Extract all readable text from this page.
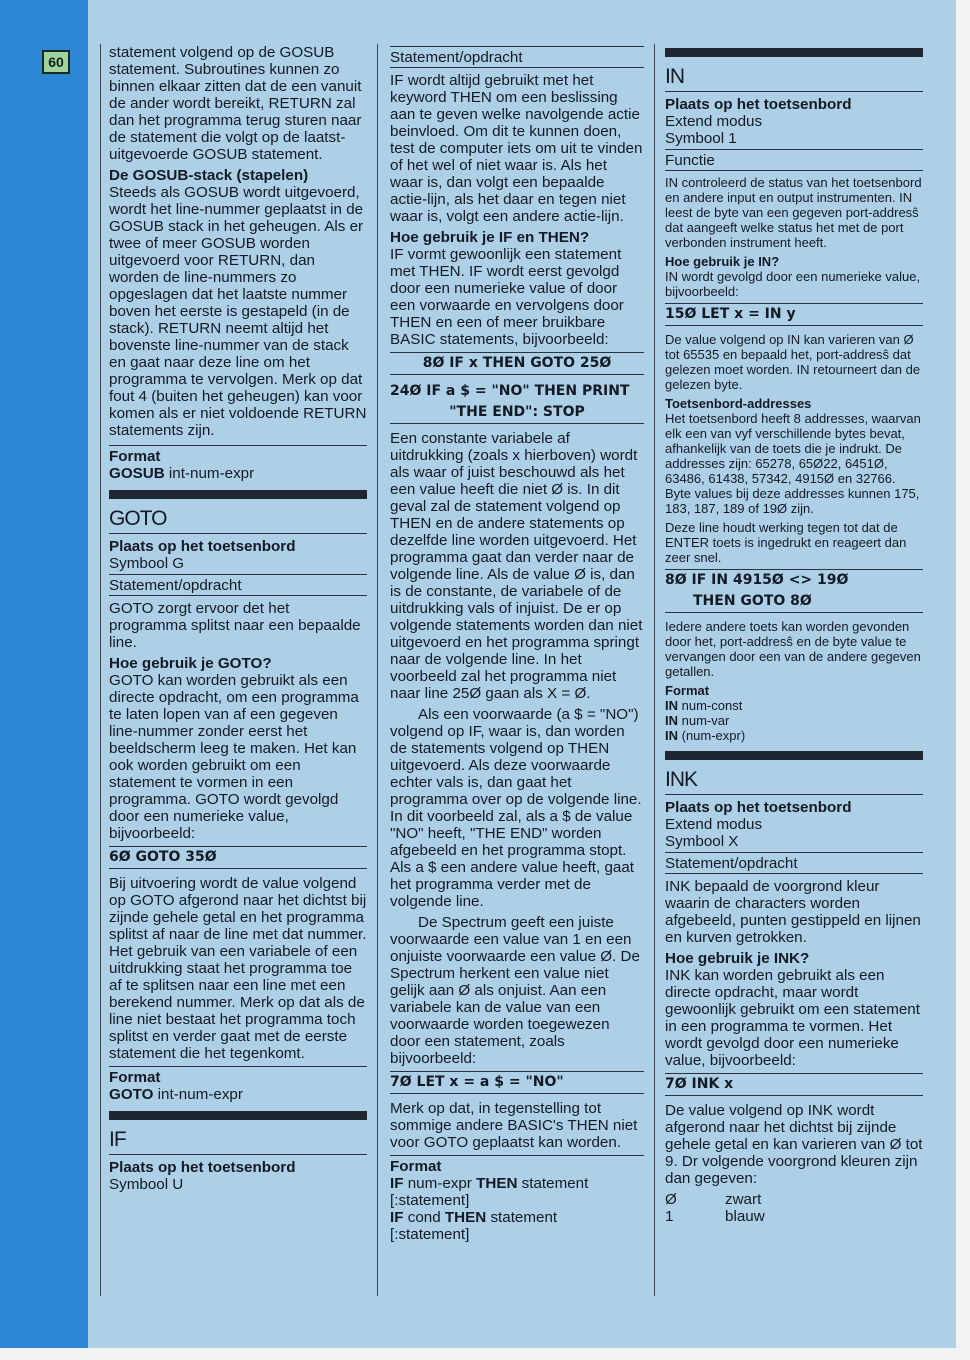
60

statement volgend op de GOSUB statement. Subroutines kunnen zo binnen elkaar zitten dat de een vanuit de ander wordt bereikt, RETURN zal dan het programma terug sturen naar de statement die volgt op de laatst-uitgevoerde GOSUB statement.

De GOSUB-stack (stapelen)

Steeds als GOSUB wordt uitgevoerd, wordt het line-nummer geplaatst in de GOSUB stack in het geheugen. Als er twee of meer GOSUB worden uitgevoerd voor RETURN, dan worden de line-nummers zo opgeslagen dat het laatste nummer boven het eerste is gestapeld (in de stack). RETURN neemt altijd het bovenste line-nummer van de stack en gaat naar deze line om het programma te vervolgen. Merk op dat fout 4 (buiten het geheugen) kan voor komen als er niet voldoende RETURN statements zijn.

Format

GOSUB int-num-expr

GOTO

Plaats op het toetsenbord

Symbool G

Statement/opdracht

GOTO zorgt ervoor det het programma splitst naar een bepaalde line.

Hoe gebruik je GOTO?

GOTO kan worden gebruikt als een directe opdracht, om een programma te laten lopen van af een gegeven line-nummer zonder eerst het beeldscherm leeg te maken. Het kan ook worden gebruikt om een statement te vormen in een programma. GOTO wordt gevolgd door een numerieke value, bijvoorbeeld:

6Ø GOTO 35Ø

Bij uitvoering wordt de value volgend op GOTO afgerond naar het dichtst bij zijnde gehele getal en het programma splitst af naar de line met dat nummer. Het gebruik van een variabele of een uitdrukking staat het programma toe af te splitsen naar een line met een berekend nummer. Merk op dat als de line niet bestaat het programma toch splitst en verder gaat met de eerste statement die het tegenkomt.

Format

GOTO int-num-expr

IF

Plaats op het toetsenbord

Symbool U

Statement/opdracht

IF wordt altijd gebruikt met het keyword THEN om een beslissing aan te geven welke navolgende actie beinvloed. Om dit te kunnen doen, test de computer iets om uit te vinden of het wel of niet waar is. Als het waar is, dan volgt een bepaalde actie-lijn, als het daar en tegen niet waar is, volgt een andere actie-lijn.

Hoe gebruik je IF en THEN?

IF vormt gewoonlijk een statement met THEN. IF wordt eerst gevolgd door een numerieke value of door een vorwaarde en vervolgens door THEN en een of meer bruikbare BASIC statements, bijvoorbeeld:

8Ø IF x THEN GOTO 25Ø
24Ø IF a $ = "NO" THEN PRINT
"THE END": STOP

Een constante variabele af uitdrukking (zoals x hierboven) wordt als waar of juist beschouwd als het een value heeft die niet Ø is. In dit geval zal de statement volgend op THEN en de andere statements op dezelfde line worden uitgevoerd. Het programma gaat dan verder naar de volgende line. Als de value Ø is, dan is de constante, de variabele of de uitdrukking vals of injuist. De er op volgende statements worden dan niet uitgevoerd en het programma springt naar de volgende line. In het voorbeeld zal het programma niet naar line 25Ø gaan als X = Ø.

Als een voorwaarde (a $ = "NO") volgend op IF, waar is, dan worden de statements volgend op THEN uitgevoerd. Als deze voorwaarde echter vals is, dan gaat het programma over op de volgende line. In dit voorbeeld zal, als a $ de value "NO" heeft, "THE END" worden afgebeeld en het programma stopt. Als a $ een andere value heeft, gaat het programma verder met de volgende line.

De Spectrum geeft een juiste voorwaarde een value van 1 en een onjuiste voorwaarde een value Ø. De Spectrum herkent een value niet gelijk aan Ø als onjuist. Aan een variabele kan de value van een voorwaarde worden toegewezen door een statement, zoals bijvoorbeeld:

7Ø LET x = a $ = "NO"

Merk op dat, in tegenstelling tot sommige andere BASIC's THEN niet voor GOTO geplaatst kan worden.

Format

IF num-expr THEN statement

[:statement]

IF cond THEN statement

[:statement]

IN

Plaats op het toetsenbord

Extend modus

Symbool 1

Functie

IN controleerd de status van het toetsenbord en andere input en output instrumenten. IN leest de byte van een gegeven port-addresŝ dat aangeeft welke status het met de port verbonden instrument heeft.

Hoe gebruik je IN?

IN wordt gevolgd door een numerieke value, bijvoorbeeld:

15Ø LET x = IN y

De value volgend op IN kan varieren van Ø tot 65535 en bepaald het, port-addresŝ dat gelezen moet worden. IN retourneert dan de gelezen byte.

Toetsenbord-addresses

Het toetsenbord heeft 8 addresses, waarvan elk een van vyf verschillende bytes bevat, afhankelijk van de toets die je indrukt. De addresses zijn: 65278, 65Ø22, 6451Ø, 63486, 61438, 57342, 4915Ø en 32766. Byte values bij deze addresses kunnen 175, 183, 187, 189 of 19Ø zijn.

Deze line houdt werking tegen tot dat de ENTER toets is ingedrukt en reageert dan zeer snel.

8Ø IF IN 4915Ø <> 19Ø
THEN GOTO 8Ø

Iedere andere toets kan worden gevonden door het, port-addresŝ en de byte value te vervangen door een van de andere gegeven getallen.

Format

IN num-const

IN num-var

IN (num-expr)

INK

Plaats op het toetsenbord

Extend modus

Symbool X

Statement/opdracht

INK bepaald de voorgrond kleur waarin de characters worden afgebeeld, punten gestippeld en lijnen en kurven getrokken.

Hoe gebruik je INK?

INK kan worden gebruikt als een directe opdracht, maar wordt gewoonlijk gebruikt om een statement in een programma te vormen. Het wordt gevolgd door een numerieke value, bijvoorbeeld:

7Ø INK x

De value volgend op INK wordt afgerond naar het dichtst bij zijnde gehele getal en kan varieren van Ø tot 9. Dr volgende voorgrond kleuren zijn dan gegeven:

Ø	zwart
1	blauw
